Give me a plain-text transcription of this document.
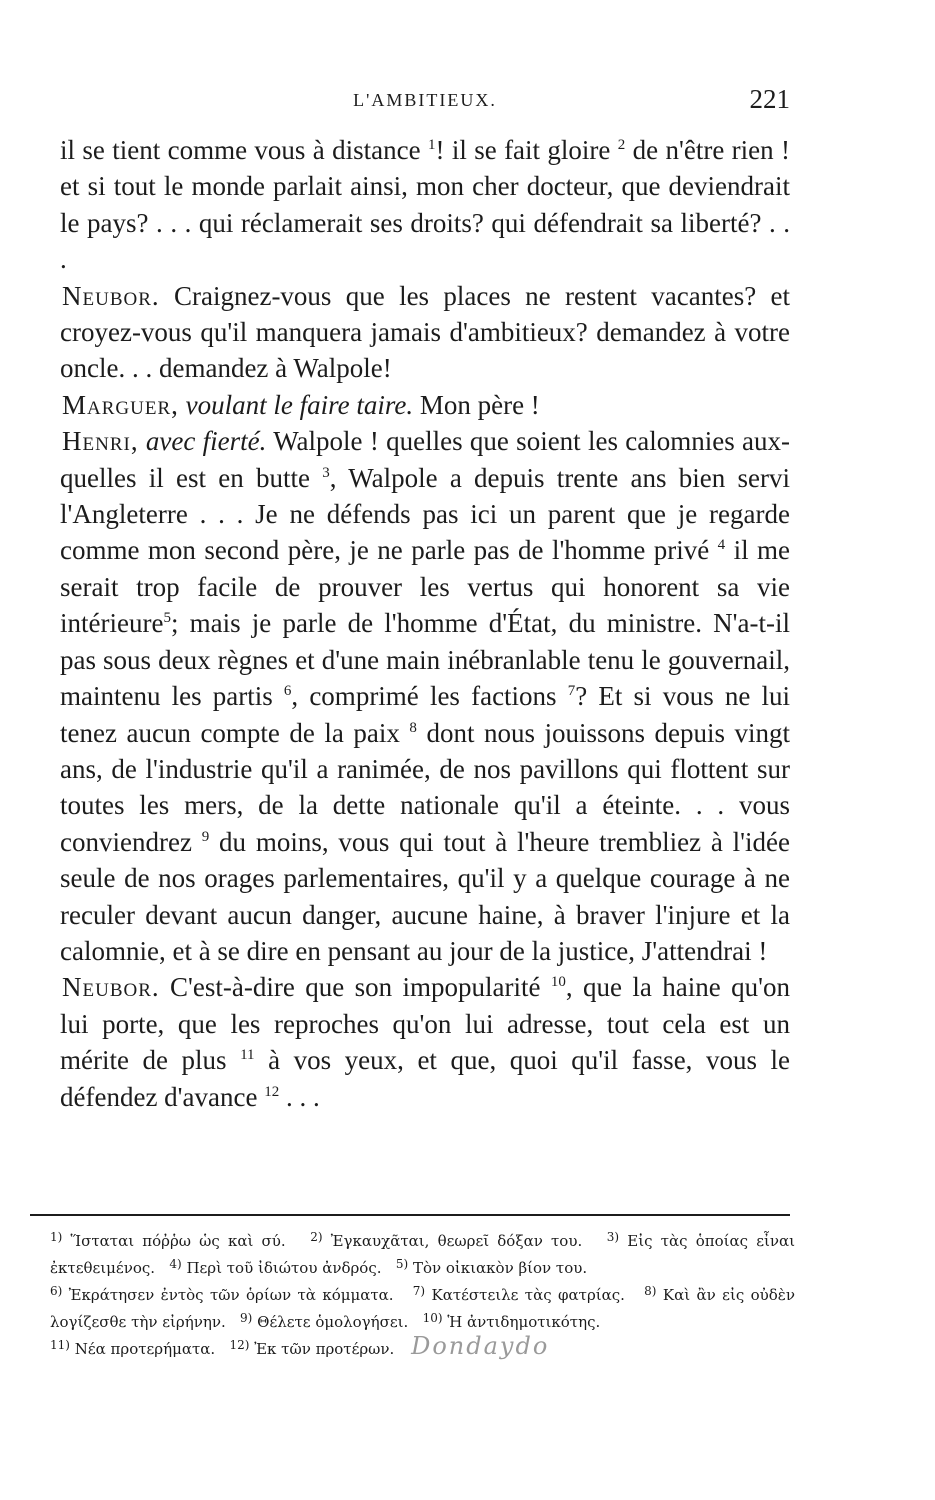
L'AMBITIEUX.	221

il se tient comme vous à distance $^1$! il se fait gloire $^2$ de n'être rien ! et si tout le monde parlait ainsi, mon cher docteur, que deviendrait le pays? . . . qui réclamerait ses droits? qui défendrait sa liberté? . . .

Neubor. Craignez-vous que les places ne restent vacantes? et croyez-vous qu'il manquera jamais d'ambitieux? demandez à votre oncle. . . demandez à Walpole!

Marguer, voulant le faire taire. Mon père !

Henri, avec fierté. Walpole ! quelles que soient les calomnies aux-quelles il est en butte $^3$, Walpole a depuis trente ans bien servi l'Angleterre . . . Je ne défends pas ici un parent que je regarde comme mon second père, je ne parle pas de l'homme privé $^4$ il me serait trop facile de prouver les vertus qui honorent sa vie intérieure$^5$; mais je parle de l'homme d'État, du ministre. N'a-t-il pas sous deux règnes et d'une main inébranlable tenu le gouvernail, maintenu les partis $^6$, comprimé les factions $^7$? Et si vous ne lui tenez aucun compte de la paix $^8$ dont nous jouissons depuis vingt ans, de l'industrie qu'il a ranimée, de nos pavillons qui flottent sur toutes les mers, de la dette nationale qu'il a éteinte. . . vous conviendrez $^9$ du moins, vous qui tout à l'heure trembliez à l'idée seule de nos orages parlementaires, qu'il y a quelque courage à ne reculer devant aucun danger, aucune haine, à braver l'injure et la calomnie, et à se dire en pensant au jour de la justice, J'attendrai !

Neubor. C'est-à-dire que son impopularité $^{10}$, que la haine qu'on lui porte, que les reproches qu'on lui adresse, tout cela est un mérite de plus $^{11}$ à vos yeux, et que, quoi qu'il fasse, vous le défendez d'avance $^{12}$ . . .

$^{1)}$ Ἵσταται πόῤῥω ὡς καὶ σύ. $^{2)}$ Ἐγκαυχᾶται, θεωρεῖ δόξαν του. $^{3)}$ Εἰς τὰς ὁποίας εἶναι ἐκτεθειμένος. $^{4)}$ Περὶ τοῦ ἰδιώτου ἀνδρός. $^{5)}$ Τὸν οἰκιακὸν βίον του.

$^{6)}$ Ἐκράτησεν ἐντὸς τῶν ὁρίων τὰ κόμματα. $^{7)}$ Κατέστειλε τὰς φατρίας. $^{8)}$ Καὶ ἂν εἰς οὐδὲν λογίζεσθε τὴν εἰρήνην. $^{9)}$ Θέλετε ὁμολογήσει. $^{10)}$ Ἡ ἀντιδημοτικότης.

$^{11)}$ Νέα προτερήματα. $^{12)}$ Ἐκ τῶν προτέρων. Dondaydo
